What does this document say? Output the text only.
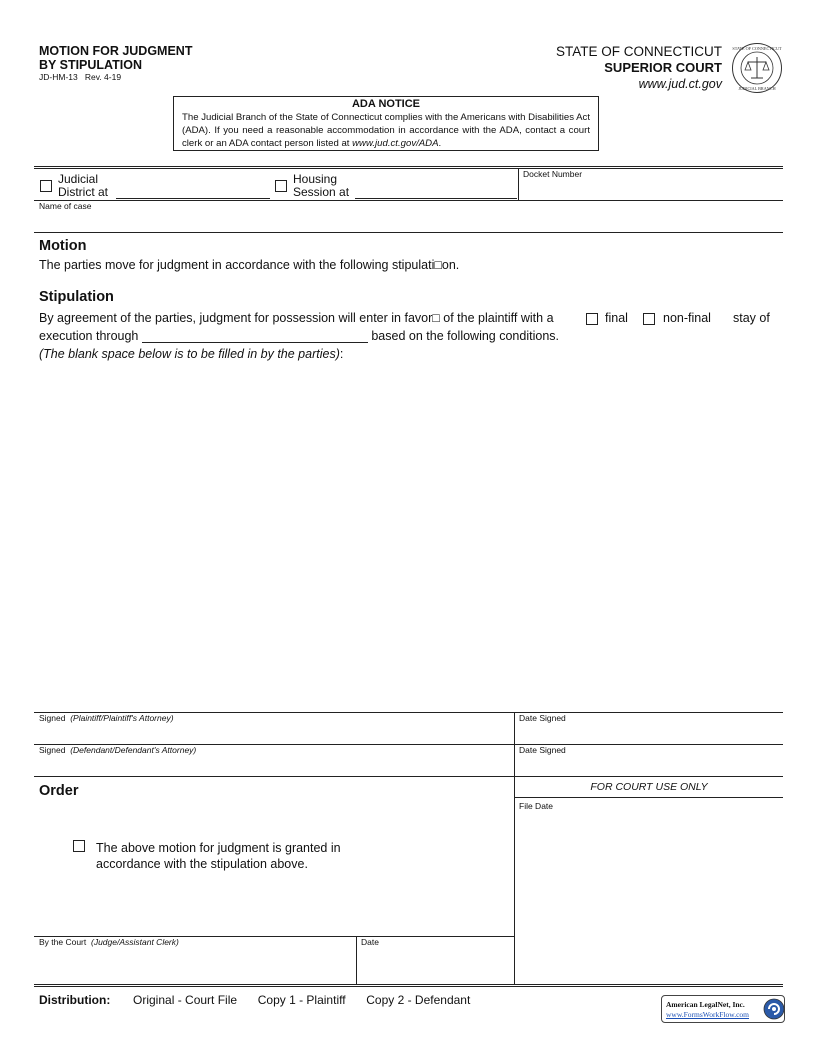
MOTION FOR JUDGMENT
BY STIPULATION
JD-HM-13 Rev. 4-19
STATE OF CONNECTICUT
SUPERIOR COURT
www.jud.ct.gov
STATE OF CONNECTICUT
JUDICIAL BRANCH
ADA NOTICE
The Judicial Branch of the State of Connecticut complies with the Americans with Disabilities Act (ADA). If you need a reasonable accommodation in accordance with the ADA, contact a court clerk or an ADA contact person listed at www.jud.ct.gov/ADA.
Judicial
District at
Housing
Session at
Docket Number
Name of case
Motion
The parties move for judgment in accordance with the following stipulati□on.
Stipulation
By agreement of the parties, judgment for possession will enter in favor□ of the plaintiff with a	final	non-final stay of
execution through	based on the following conditions.
(The blank space below is to be filled in by the parties):
Signed (Plaintiff/Plaintiff's Attorney)	Date Signed
Signed (Defendant/Defendant's Attorney)	Date Signed
Order
The above motion for judgment is granted in
accordance with the stipulation above.
FOR COURT USE ONLY
File Date
By the Court (Judge/Assistant Clerk)	Date
Distribution: Original - Court File Copy 1 - Plaintiff Copy 2 - Defendant	American LegalNet, Inc.
www.FormsWorkFlow.com
